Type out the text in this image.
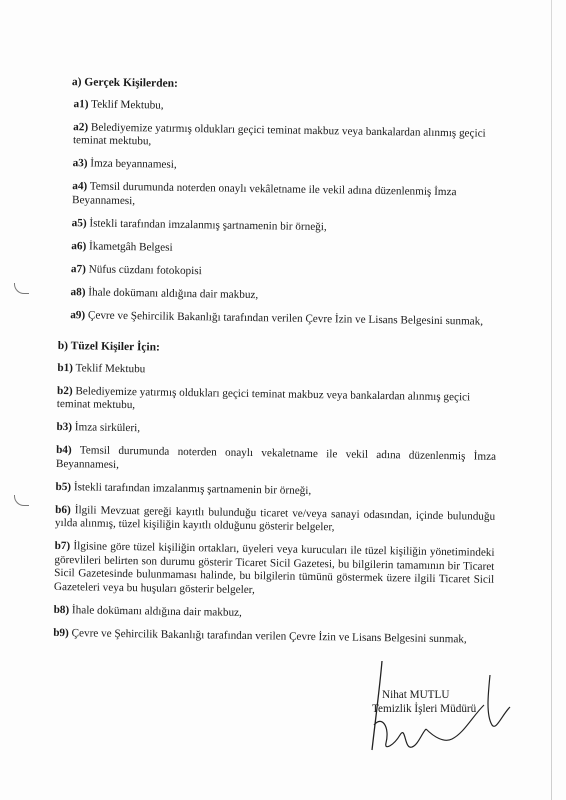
a) Gerçek Kişilerden:
a1) Teklif Mektubu,
a2) Belediyemize yatırmış oldukları geçici teminat makbuz veya bankalardan alınmış geçici teminat mektubu,
a3) İmza beyannamesi,
a4) Temsil durumunda noterden onaylı vekâletname ile vekil adına düzenlenmiş İmza Beyannamesi,
a5) İstekli tarafından imzalanmış şartnamenin bir örneği,
a6) İkametgâh Belgesi
a7) Nüfus cüzdanı fotokopisi
a8) İhale dokümanı aldığına dair makbuz,
a9) Çevre ve Şehircilik Bakanlığı tarafından verilen Çevre İzin ve Lisans Belgesini sunmak,
b) Tüzel Kişiler İçin:
b1) Teklif Mektubu
b2) Belediyemize yatırmış oldukları geçici teminat makbuz veya bankalardan alınmış geçici teminat mektubu,
b3) İmza sirküleri,
b4) Temsil durumunda noterden onaylı vekaletname ile vekil adına düzenlenmiş İmza Beyannamesi,
b5) İstekli tarafından imzalanmış şartnamenin bir örneği,
b6) İlgili Mevzuat gereği kayıtlı bulunduğu ticaret ve/veya sanayi odasından, içinde bulunduğu yılda alınmış, tüzel kişiliğin kayıtlı olduğunu gösterir belgeler,
b7) İlgisine göre tüzel kişiliğin ortakları, üyeleri veya kurucuları ile tüzel kişiliğin yönetimindeki görevlileri belirten son durumu gösterir Ticaret Sicil Gazetesi, bu bilgilerin tamamının bir Ticaret Sicil Gazetesinde bulunmaması halinde, bu bilgilerin tümünü göstermek üzere ilgili Ticaret Sicil Gazeteleri veya bu huşuları gösterir belgeler,
b8) İhale dokümanı aldığına dair makbuz,
b9) Çevre ve Şehircilik Bakanlığı tarafından verilen Çevre İzin ve Lisans Belgesini sunmak,
Nihat MUTLU
Temizlik İşleri Müdürü
